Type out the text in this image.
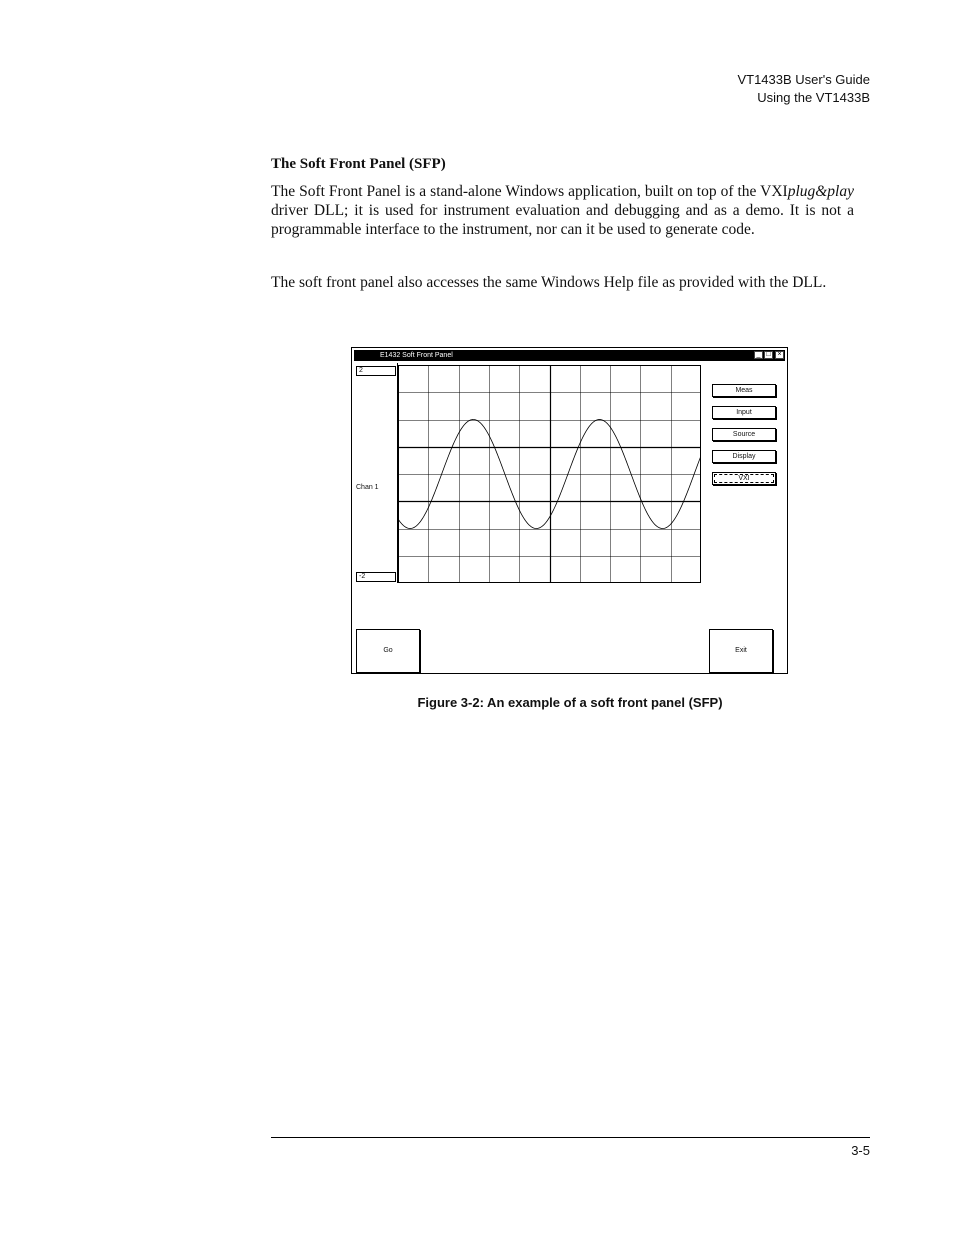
VT1433B User's Guide
Using the VT1433B
The Soft Front Panel (SFP)

The Soft Front Panel is a stand-alone Windows application, built on top of the VXIplug&play driver DLL; it is used for instrument evaluation and debugging and as a demo. It is not a programmable interface to the instrument, nor can it be used to generate code.

The soft front panel also accesses the same Windows Help file as provided with the DLL.

E1432 Soft Front Panel	_ □ ×
2
Chan 1
-2
Meas
Input
Source
Display
VXI
Go	Exit
Figure 3-2: An example of a soft front panel (SFP)
3-5
